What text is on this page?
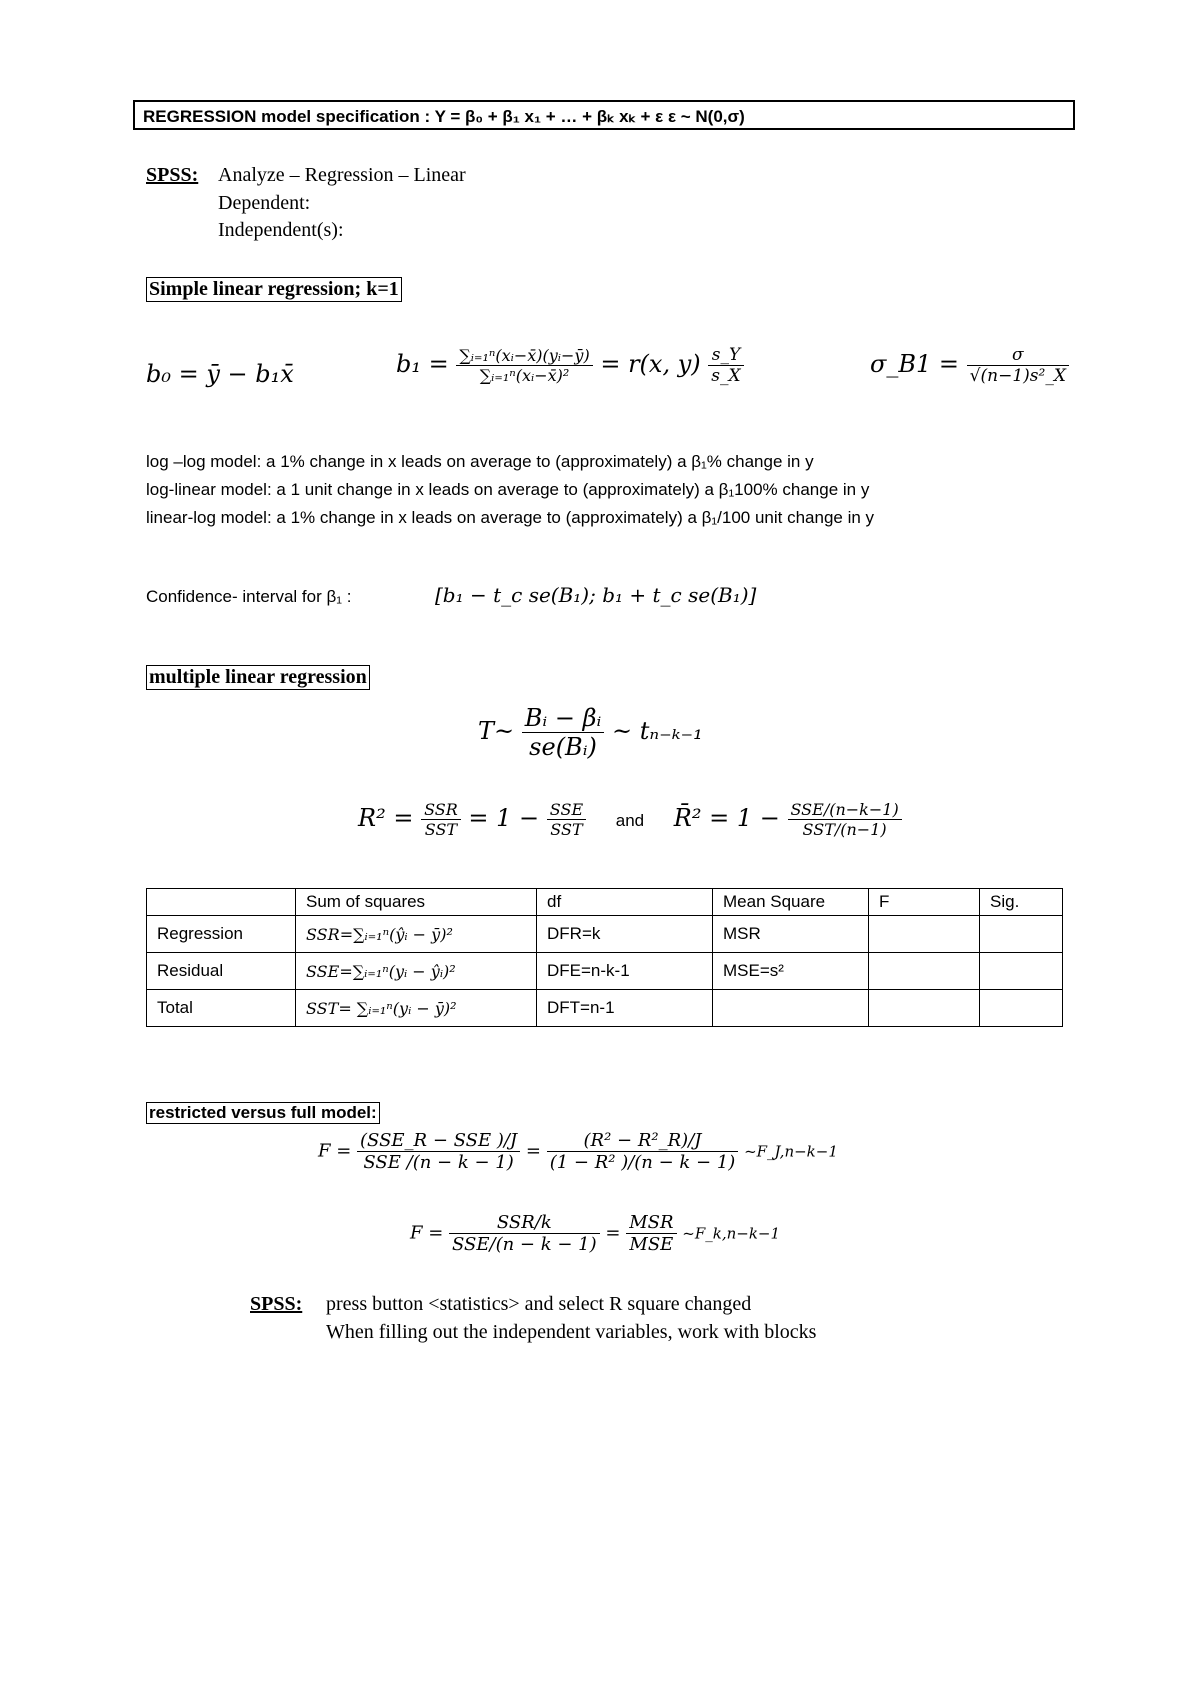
REGRESSION model specification : Y = β₀ + β₁ x₁ + … + βₖ xₖ + ε ε ~ N(0,σ)
SPSS: Analyze – Regression – Linear
Dependent:
Independent(s):
Simple linear regression; k=1
b₀ = ȳ − b₁x̄	$b_1 = \frac{\text{∑ᵢ₌₁ⁿ(xᵢ−x̄)(yᵢ−ȳ)}}{\text{∑ᵢ₌₁ⁿ(xᵢ−x̄)²}} = r(x$, $y) \frac{s\_Y}{s\_X}$	σ_B1 = $\frac{\sigma}{\text{√(n−1)s²\_X}}$
log –log model: a 1% change in x leads on average to (approximately) a β₁% change in y
log-linear model: a 1 unit change in x leads on average to (approximately) a β₁100% change in y
linear-log model: a 1% change in x leads on average to (approximately) a β₁/100 unit change in y
Confidence- interval for β₁ :	[b₁ − t_c se(B₁); b₁ + t_c se(B₁)]
multiple linear regression
T~ $\frac{\text{Bᵢ − βᵢ}}{\text{se(Bᵢ)}}$ ~ tₙ₋ₖ₋₁
$R^2 = \frac{\text{SSR}}{\text{SST}} = 1 - \frac{\text{SSE}}{\text{SST}}$ and R̄² = $1 - \frac{\text{SSE/(n−k−1)}}{\text{SST/(n−1)}}$
	Sum of squares	df	Mean Square	F	Sig.
Regression	SSR=∑ᵢ₌₁ⁿ(ŷᵢ − ȳ)²	DFR=k	MSR		
Residual	SSE=∑ᵢ₌₁ⁿ(yᵢ − ŷᵢ)²	DFE=n-k-1	MSE=s²		
Total	SST= ∑ᵢ₌₁ⁿ(yᵢ − ȳ)²	DFT=n-1			
restricted versus full model:
$F = \frac{\text{(SSE\_R − SSE )/J}}{\text{SSE /(n − k − 1)}} = \frac{\text{(R² − R²\_R)/J}}{\text{(1 − R² )/(n − k − 1)}}$ ~F_J,n−k−1
$F = \frac{\text{SSR/k}}{\text{SSE/(n − k − 1)}} = \frac{\text{MSR}}{\text{MSE}}$ ~F_k,n−k−1
SPSS: press button <statistics> and select R square changed
When filling out the independent variables, work with blocks
